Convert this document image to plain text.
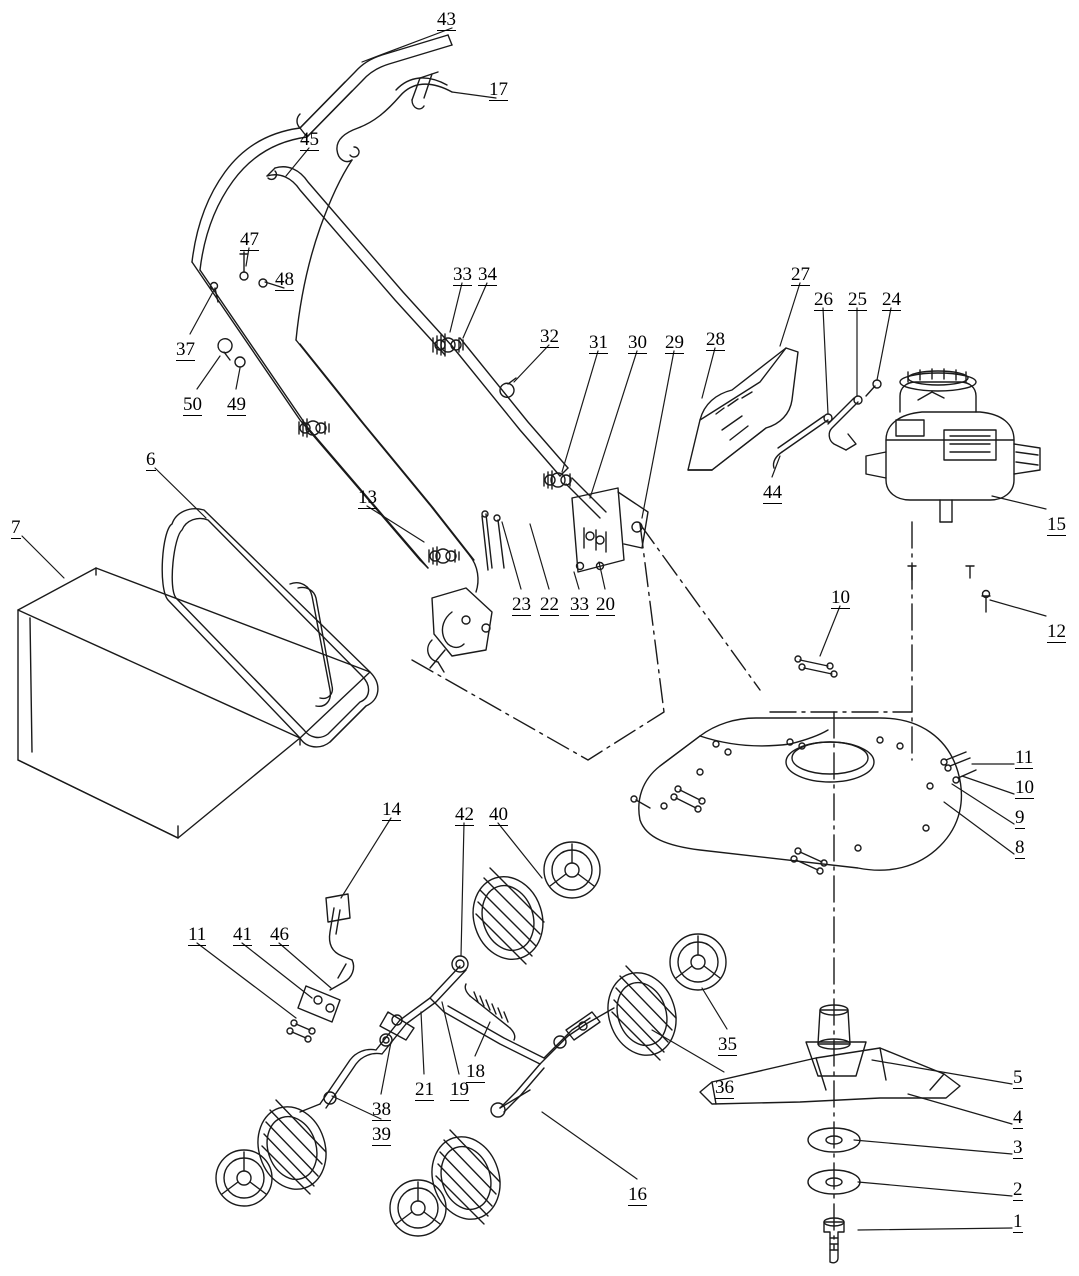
43
17
45
47
48	33 34	27
26 25 24
37
32 31 30 29 28
50 49
44
6
15
7
13
12
23 22 33 20	10
11
10
9
8
14	42 40
11 41 46
35
36
18
21 19
38
39
5
4
3
2
1
16
